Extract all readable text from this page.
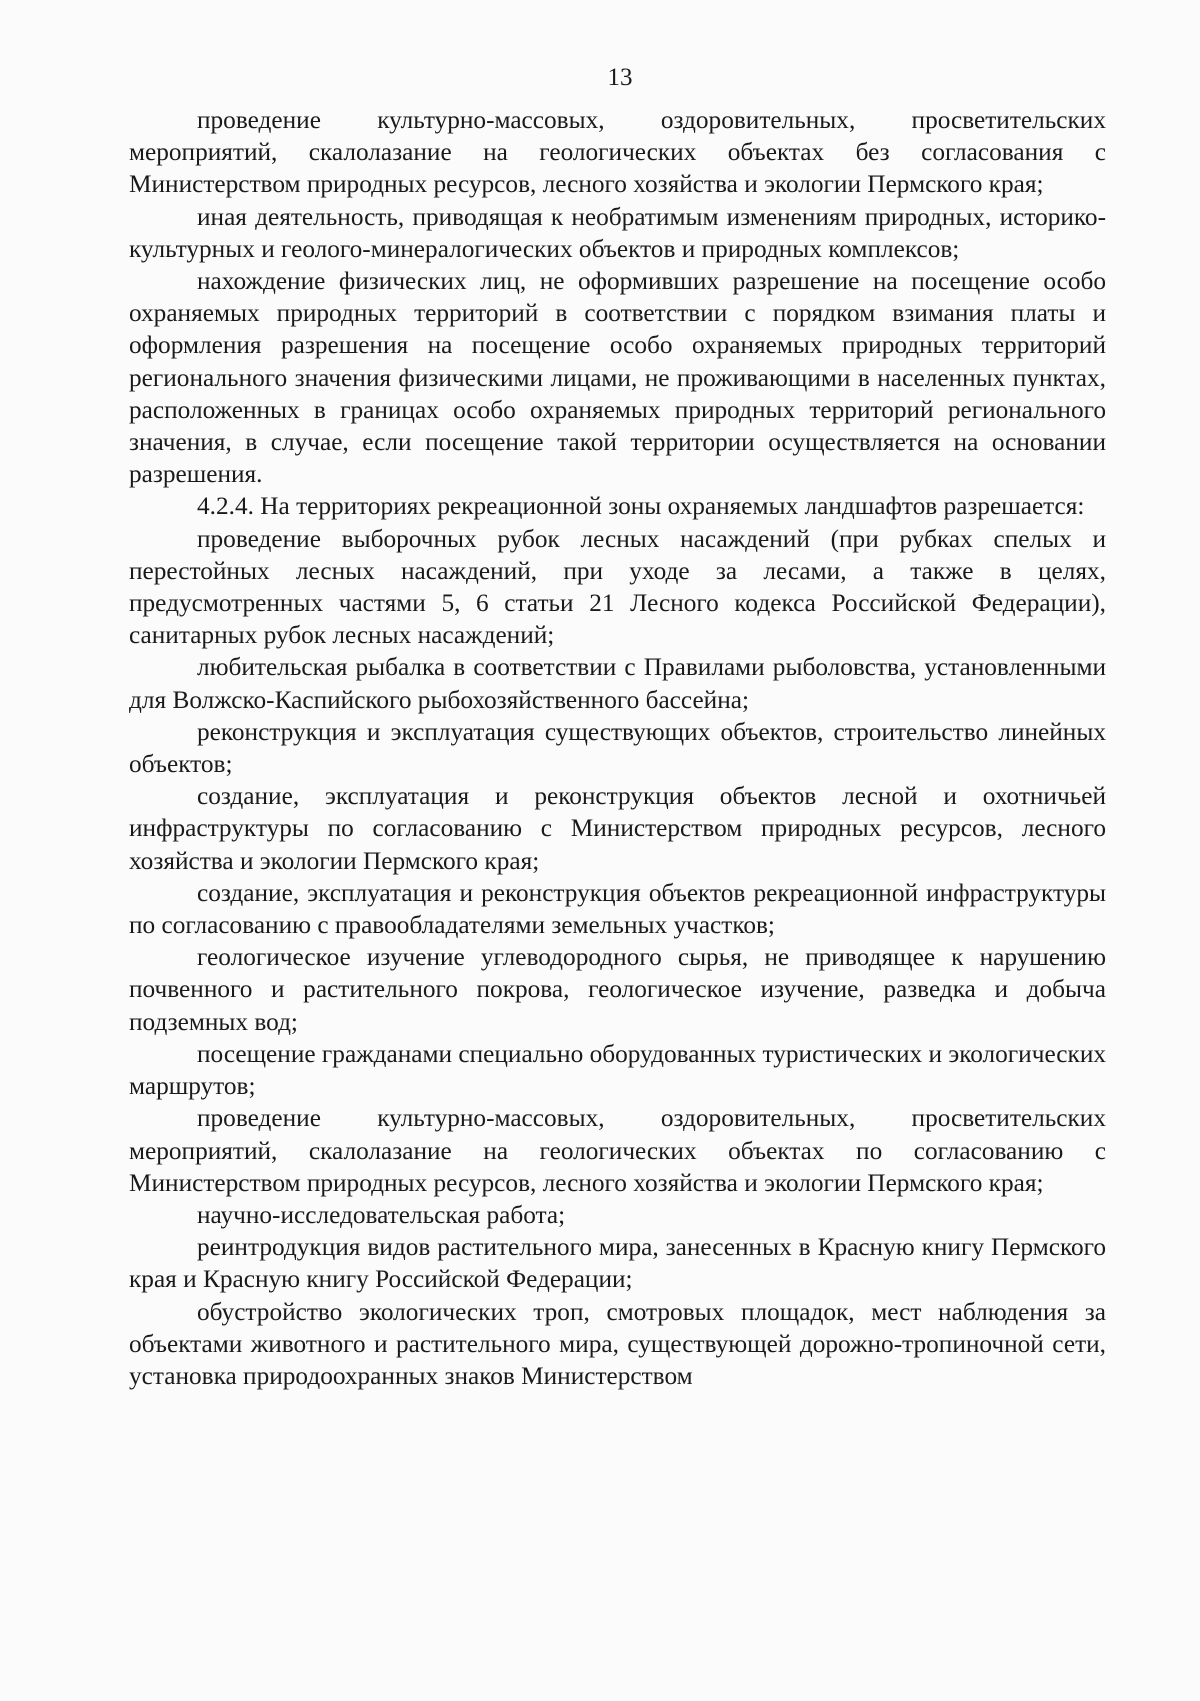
13

проведение культурно-массовых, оздоровительных, просветительских мероприятий, скалолазание на геологических объектах без согласования с Министерством природных ресурсов, лесного хозяйства и экологии Пермского края;

иная деятельность, приводящая к необратимым изменениям природных, историко-культурных и геолого-минералогических объектов и природных комплексов;

нахождение физических лиц, не оформивших разрешение на посещение особо охраняемых природных территорий в соответствии с порядком взимания платы и оформления разрешения на посещение особо охраняемых природных территорий регионального значения физическими лицами, не проживающими в населенных пунктах, расположенных в границах особо охраняемых природных территорий регионального значения, в случае, если посещение такой территории осуществляется на основании разрешения.

4.2.4. На территориях рекреационной зоны охраняемых ландшафтов разрешается:

проведение выборочных рубок лесных насаждений (при рубках спелых и перестойных лесных насаждений, при уходе за лесами, а также в целях, предусмотренных частями 5, 6 статьи 21 Лесного кодекса Российской Федерации), санитарных рубок лесных насаждений;

любительская рыбалка в соответствии с Правилами рыболовства, установленными для Волжско-Каспийского рыбохозяйственного бассейна;

реконструкция и эксплуатация существующих объектов, строительство линейных объектов;

создание, эксплуатация и реконструкция объектов лесной и охотничьей инфраструктуры по согласованию с Министерством природных ресурсов, лесного хозяйства и экологии Пермского края;

создание, эксплуатация и реконструкция объектов рекреационной инфраструктуры по согласованию с правообладателями земельных участков;

геологическое изучение углеводородного сырья, не приводящее к нарушению почвенного и растительного покрова, геологическое изучение, разведка и добыча подземных вод;

посещение гражданами специально оборудованных туристических и экологических маршрутов;

проведение культурно-массовых, оздоровительных, просветительских мероприятий, скалолазание на геологических объектах по согласованию с Министерством природных ресурсов, лесного хозяйства и экологии Пермского края;

научно-исследовательская работа;

реинтродукция видов растительного мира, занесенных в Красную книгу Пермского края и Красную книгу Российской Федерации;

обустройство экологических троп, смотровых площадок, мест наблюдения за объектами животного и растительного мира, существующей дорожно-тропиночной сети, установка природоохранных знаков Министерством
